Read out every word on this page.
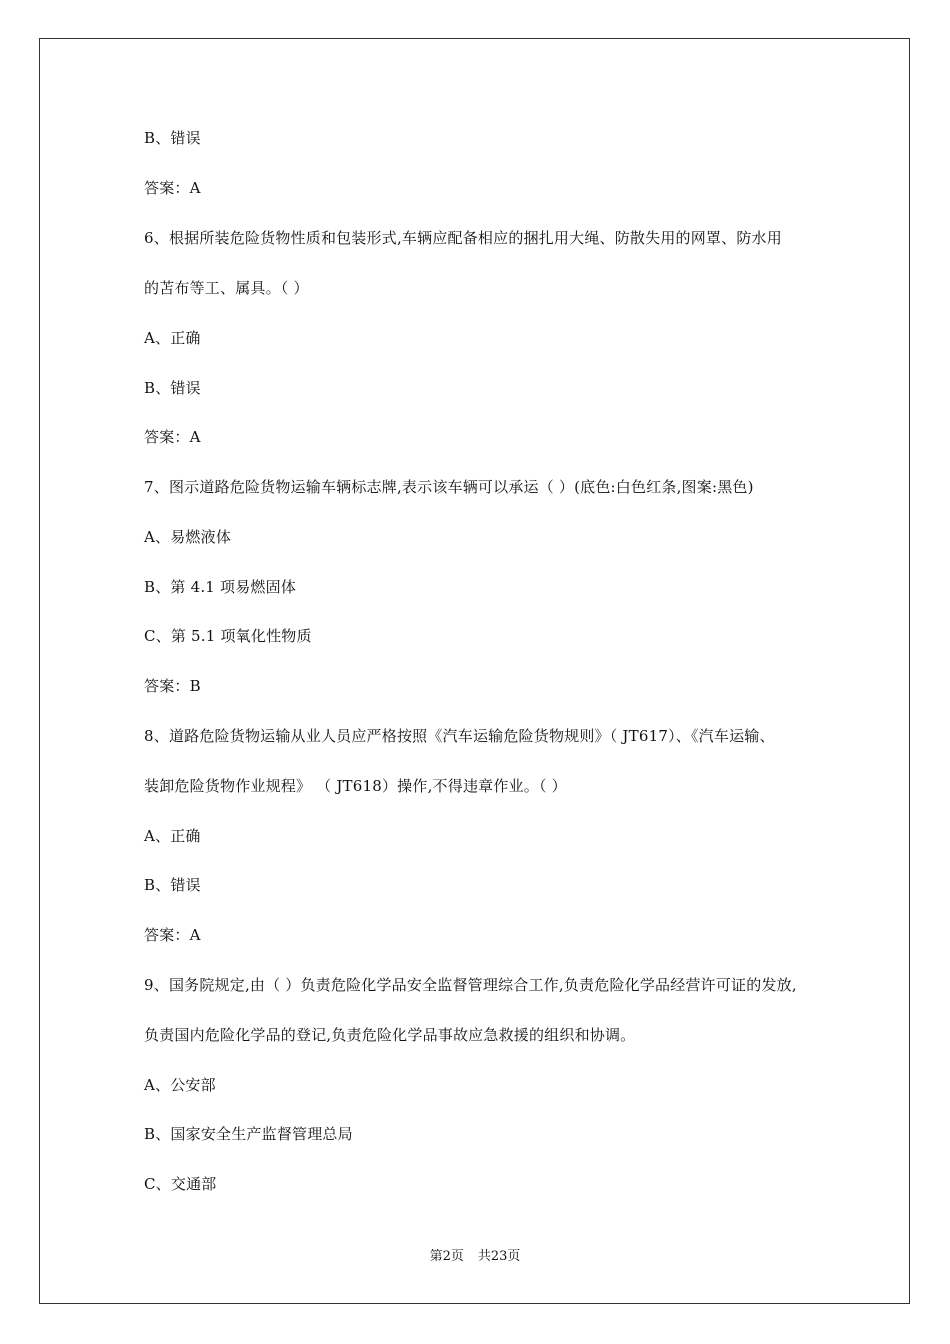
B、错误
答案：A
6、根据所装危险货物性质和包装形式,车辆应配备相应的捆扎用大绳、防散失用的网罩、防水用
的苫布等工、属具。（ ）
A、正确
B、错误
答案：A
7、图示道路危险货物运输车辆标志牌,表示该车辆可以承运（ ）(底色:白色红条,图案:黑色)
A、易燃液体
B、第 4.1 项易燃固体
C、第 5.1 项氧化性物质
答案：B
8、道路危险货物运输从业人员应严格按照《汽车运输危险货物规则》（ JT617）、《汽车运输、
装卸危险货物作业规程》 （ JT618）操作,不得违章作业。（ ）
A、正确
B、错误
答案：A
9、国务院规定,由（ ）负责危险化学品安全监督管理综合工作,负责危险化学品经营许可证的发放,
负责国内危险化学品的登记,负责危险化学品事故应急救援的组织和协调。
A、公安部
B、国家安全生产监督管理总局
C、交通部
第2页 共23页
